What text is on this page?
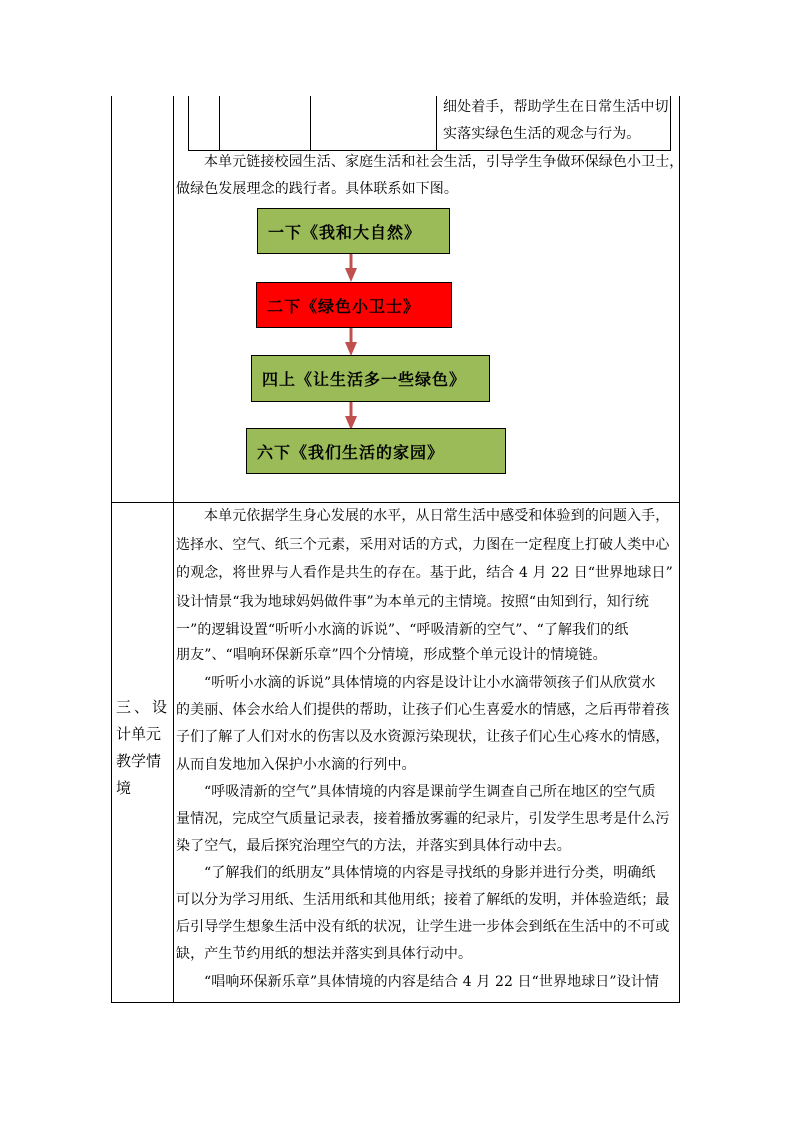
细处着手，帮助学生在日常生活中切
实落实绿色生活的观念与行为。
本单元链接校园生活、家庭生活和社会生活，引导学生争做环保绿色小卫士，
做绿色发展理念的践行者。具体联系如下图。
一下《我和大自然》
二下《绿色小卫士》
四上《让生活多一些绿色》
六下《我们生活的家园》
三、设
计单元
教学情
境
本单元依据学生身心发展的水平，从日常生活中感受和体验到的问题入手，
选择水、空气、纸三个元素，采用对话的方式，力图在一定程度上打破人类中心
的观念，将世界与人看作是共生的存在。基于此，结合 4 月 22 日“世界地球日”
设计情景“我为地球妈妈做件事”为本单元的主情境。按照“由知到行，知行统
一”的逻辑设置“听听小水滴的诉说”、“呼吸清新的空气”、“了解我们的纸
朋友”、“唱响环保新乐章”四个分情境，形成整个单元设计的情境链。
“听听小水滴的诉说”具体情境的内容是设计让小水滴带领孩子们从欣赏水
的美丽、体会水给人们提供的帮助，让孩子们心生喜爱水的情感，之后再带着孩
子们了解了人们对水的伤害以及水资源污染现状，让孩子们心生心疼水的情感，
从而自发地加入保护小水滴的行列中。
“呼吸清新的空气”具体情境的内容是课前学生调查自己所在地区的空气质
量情况，完成空气质量记录表，接着播放雾霾的纪录片，引发学生思考是什么污
染了空气，最后探究治理空气的方法，并落实到具体行动中去。
“了解我们的纸朋友”具体情境的内容是寻找纸的身影并进行分类，明确纸
可以分为学习用纸、生活用纸和其他用纸；接着了解纸的发明，并体验造纸；最
后引导学生想象生活中没有纸的状况，让学生进一步体会到纸在生活中的不可或
缺，产生节约用纸的想法并落实到具体行动中。
“唱响环保新乐章”具体情境的内容是结合 4 月 22 日“世界地球日”设计情
